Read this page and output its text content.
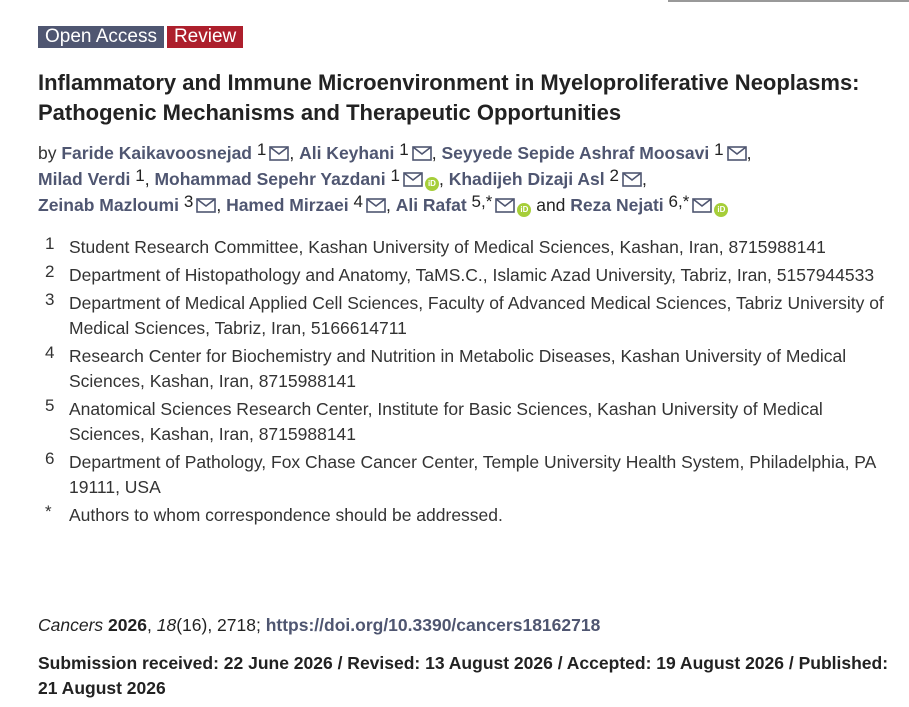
Open Access Review
Inflammatory and Immune Microenvironment in Myeloproliferative Neoplasms: Pathogenic Mechanisms and Therapeutic Opportunities
by Faride Kaikavoosnejad $^1$ , Ali Keyhani $^1$ , Seyyede Sepide Ashraf Moosavi $^1$ ,
Milad Verdi $^1$, Mohammad Sepehr Yazdani $^1$	iD , Khadijeh Dizaji Asl $^2$ ,
Zeinab Mazloumi $^3$ , Hamed Mirzaei $^4$ , Ali Rafat $^{5,*}$	iD and Reza Nejati $^{6,*}$	iD
1 Student Research Committee, Kashan University of Medical Sciences, Kashan, Iran, 8715988141
2 Department of Histopathology and Anatomy, TaMS.C., Islamic Azad University, Tabriz, Iran, 5157944533
3 Department of Medical Applied Cell Sciences, Faculty of Advanced Medical Sciences, Tabriz University of Medical Sciences, Tabriz, Iran, 5166614711
4 Research Center for Biochemistry and Nutrition in Metabolic Diseases, Kashan University of Medical Sciences, Kashan, Iran, 8715988141
5 Anatomical Sciences Research Center, Institute for Basic Sciences, Kashan University of Medical Sciences, Kashan, Iran, 8715988141
6 Department of Pathology, Fox Chase Cancer Center, Temple University Health System, Philadelphia, PA 19111, USA
* Authors to whom correspondence should be addressed.
Cancers 2026, 18(16), 2718; https://doi.org/10.3390/cancers18162718
Submission received: 22 June 2026 / Revised: 13 August 2026 / Accepted: 19 August 2026 / Published: 21 August 2026
